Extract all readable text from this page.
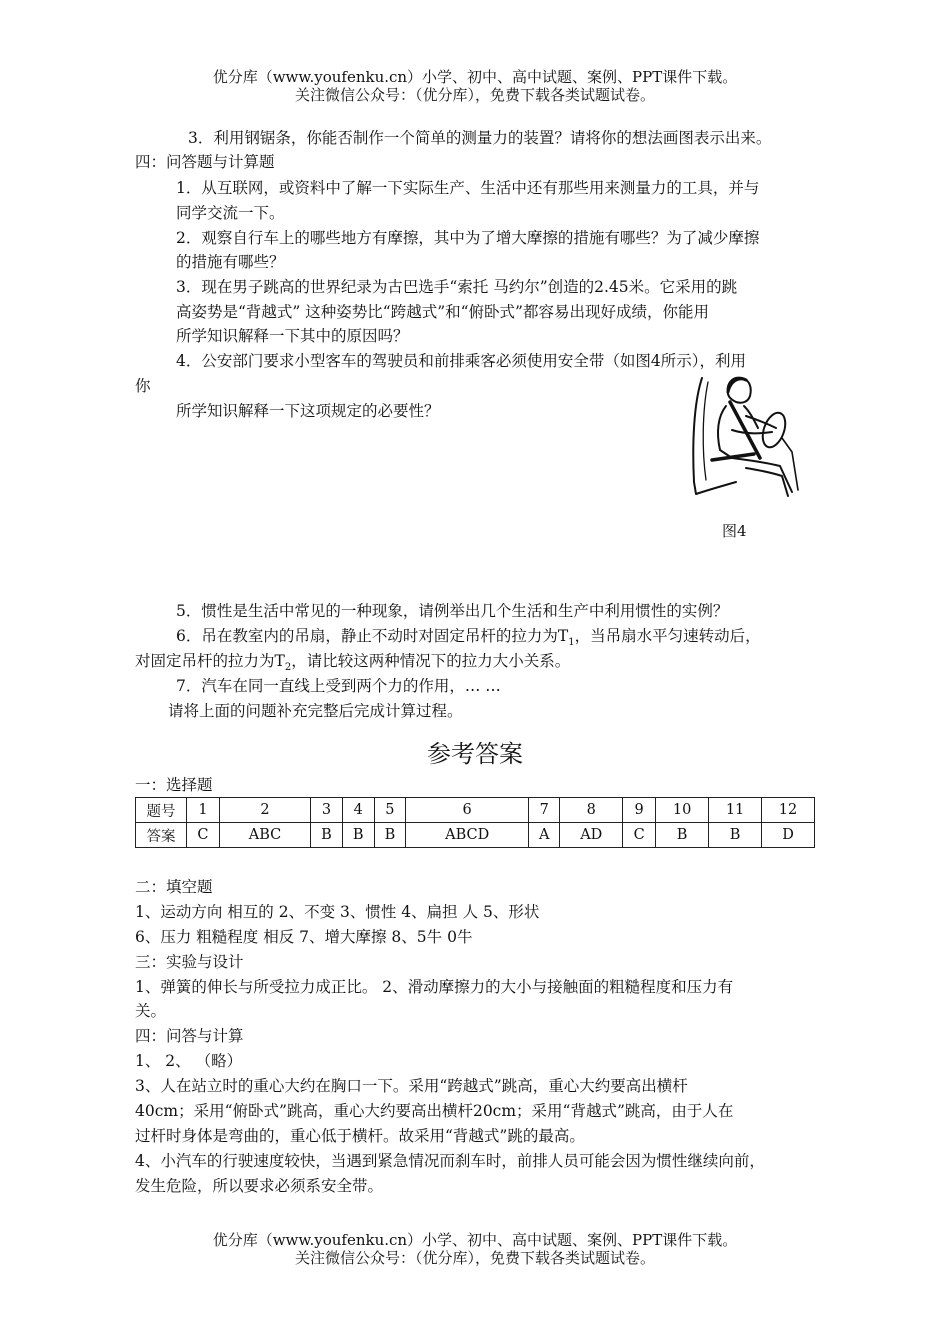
优分库（www.youfenku.cn）小学、初中、高中试题、案例、PPT课件下载。
关注微信公众号：（优分库），免费下载各类试题试卷。
3．利用钢锯条，你能否制作一个简单的测量力的装置？请将你的想法画图表示出来。
四：问答题与计算题
1．从互联网，或资料中了解一下实际生产、生活中还有那些用来测量力的工具，并与
同学交流一下。
2．观察自行车上的哪些地方有摩擦，其中为了增大摩擦的措施有哪些？为了减少摩擦
的措施有哪些？
3．现在男子跳高的世界纪录为古巴选手“索托 马约尔”创造的2.45米。它采用的跳
高姿势是“背越式” 这种姿势比“跨越式”和“俯卧式”都容易出现好成绩，你能用
所学知识解释一下其中的原因吗？
4．公安部门要求小型客车的驾驶员和前排乘客必须使用安全带（如图4所示），利用
你
所学知识解释一下这项规定的必要性？
图4
5．惯性是生活中常见的一种现象，请例举出几个生活和生产中利用惯性的实例？
6．吊在教室内的吊扇，静止不动时对固定吊杆的拉力为$T_1$，当吊扇水平匀速转动后，
对固定吊杆的拉力为$T_2$，请比较这两种情况下的拉力大小关系。
7．汽车在同一直线上受到两个力的作用，… …
请将上面的问题补充完整后完成计算过程。
参考答案
一：选择题
题号	1	2	3	4	5	6	7	8	9	10	11	12
答案	C	ABC	B	B	B	ABCD	A	AD	C	B	B	D
二：填空题
1、运动方向 相互的 2、不变 3、惯性 4、扁担 人 5、形状
6、压力 粗糙程度 相反 7、增大摩擦 8、5牛 0牛
三：实验与设计
1、弹簧的伸长与所受拉力成正比。 2、滑动摩擦力的大小与接触面的粗糙程度和压力有
关。
四：问答与计算
1、 2、 （略）
3、人在站立时的重心大约在胸口一下。采用“跨越式”跳高，重心大约要高出横杆
40cm；采用“俯卧式”跳高，重心大约要高出横杆20cm；采用“背越式”跳高，由于人在
过杆时身体是弯曲的，重心低于横杆。故采用“背越式”跳的最高。
4、小汽车的行驶速度较快，当遇到紧急情况而刹车时，前排人员可能会因为惯性继续向前，
发生危险，所以要求必须系安全带。
优分库（www.youfenku.cn）小学、初中、高中试题、案例、PPT课件下载。
关注微信公众号：（优分库），免费下载各类试题试卷。
